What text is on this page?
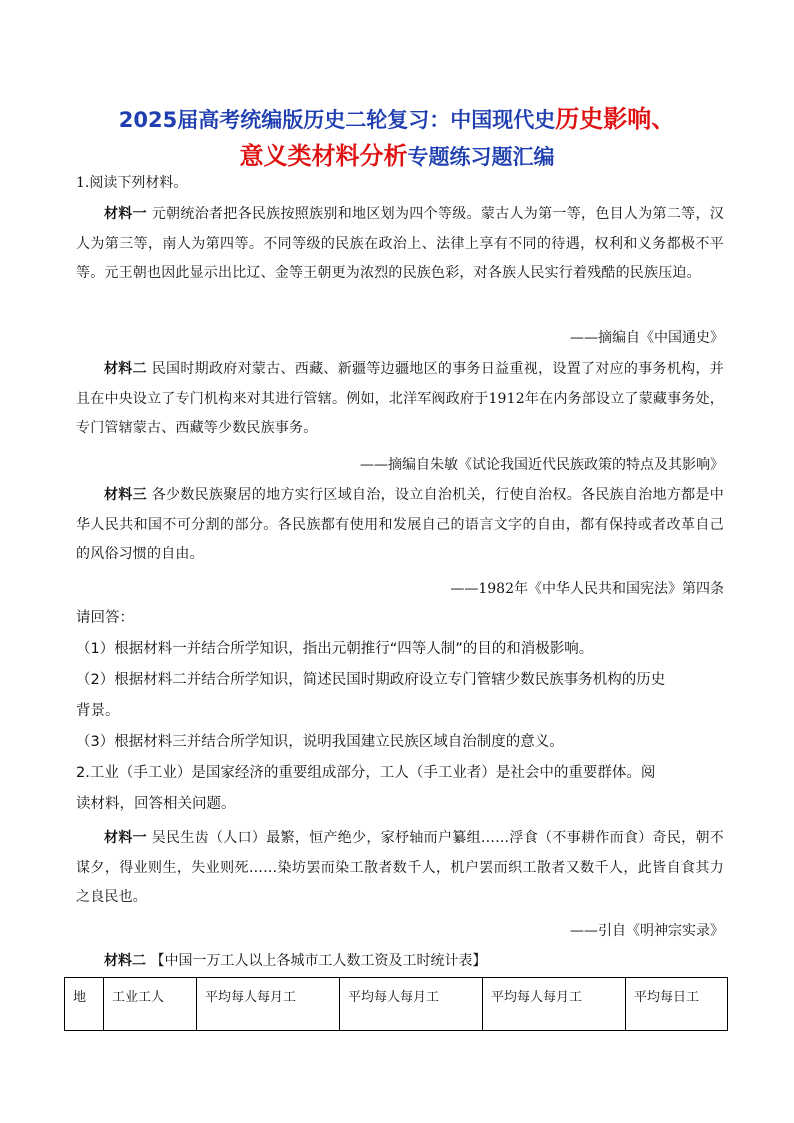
2025届高考统编版历史二轮复习：中国现代史历史影响、
意义类材料分析专题练习题汇编
1.阅读下列材料。

材料一 元朝统治者把各民族按照族别和地区划为四个等级。蒙古人为第一等，色目人为第二等，汉人为第三等，南人为第四等。不同等级的民族在政治上、法律上享有不同的待遇，权利和义务都极不平等。元王朝也因此显示出比辽、金等王朝更为浓烈的民族色彩，对各族人民实行着残酷的民族压迫。

——摘编自《中国通史》

材料二 民国时期政府对蒙古、西藏、新疆等边疆地区的事务日益重视，设置了对应的事务机构，并且在中央设立了专门机构来对其进行管辖。例如，北洋军阀政府于1912年在内务部设立了蒙藏事务处，专门管辖蒙古、西藏等少数民族事务。

——摘编自朱敏《试论我国近代民族政策的特点及其影响》

材料三 各少数民族聚居的地方实行区域自治，设立自治机关，行使自治权。各民族自治地方都是中华人民共和国不可分割的部分。各民族都有使用和发展自己的语言文字的自由，都有保持或者改革自己的风俗习惯的自由。

——1982年《中华人民共和国宪法》第四条
请回答：
（1）根据材料一并结合所学知识，指出元朝推行“四等人制”的目的和消极影响。
（2）根据材料二并结合所学知识，简述民国时期政府设立专门管辖少数民族事务机构的历史
背景。
（3）根据材料三并结合所学知识，说明我国建立民族区域自治制度的意义。
2.工业（手工业）是国家经济的重要组成部分，工人（手工业者）是社会中的重要群体。阅
读材料，回答相关问题。

材料一 吴民生齿（人口）最繁，恒产绝少，家杼轴而户纂组……浮食（不事耕作而食）奇民，朝不谋夕，得业则生，失业则死……染坊罢而染工散者数千人，机户罢而织工散者又数千人，此皆自食其力之良民也。

——引自《明神宗实录》
材料二 【中国一万工人以上各城市工人数工资及工时统计表】
地	工业工人	平均每人每月工	平均每人每月工	平均每人每月工	平均每日工
